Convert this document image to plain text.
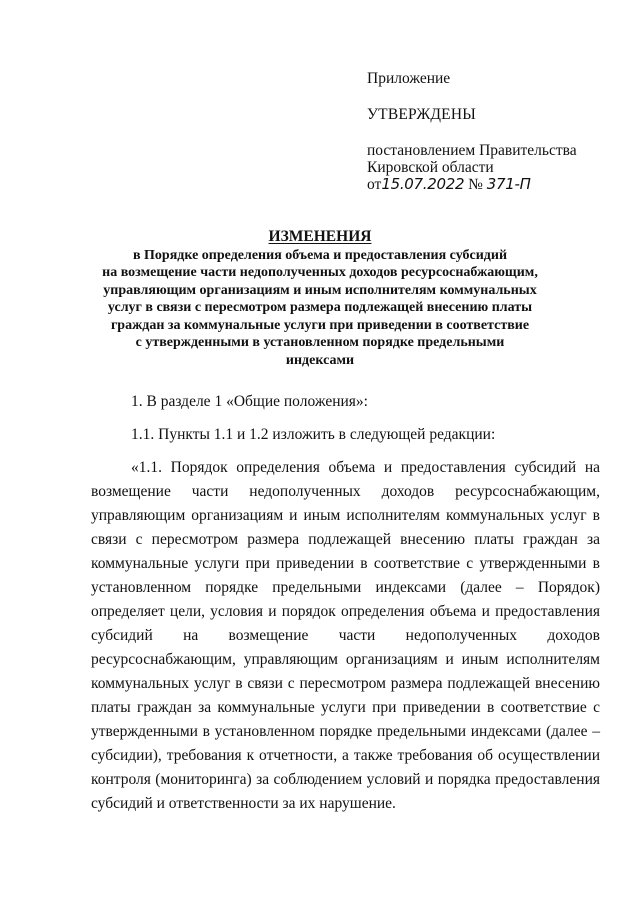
Приложение
УТВЕРЖДЕНЫ
постановлением Правительства
Кировской области
от15.07.2022 № 371-П
ИЗМЕНЕНИЯ
в Порядке определения объема и предоставления субсидий
на возмещение части недополученных доходов ресурсоснабжающим,
управляющим организациям и иным исполнителям коммунальных
услуг в связи с пересмотром размера подлежащей внесению платы
граждан за коммунальные услуги при приведении в соответствие
с утвержденными в установленном порядке предельными
индексами

1. В разделе 1 «Общие положения»:

1.1. Пункты 1.1 и 1.2 изложить в следующей редакции:

«1.1. Порядок определения объема и предоставления субсидий на возмещение части недополученных доходов ресурсоснабжающим, управляющим организациям и иным исполнителям коммунальных услуг в связи с пересмотром размера подлежащей внесению платы граждан за коммунальные услуги при приведении в соответствие с утвержденными в установленном порядке предельными индексами (далее – Порядок) определяет цели, условия и порядок определения объема и предоставления субсидий на возмещение части недополученных доходов ресурсоснабжающим, управляющим организациям и иным исполнителям коммунальных услуг в связи с пересмотром размера подлежащей внесению платы граждан за коммунальные услуги при приведении в соответствие с утвержденными в установленном порядке предельными индексами (далее – субсидии), требования к отчетности, а также требования об осуществлении контроля (мониторинга) за соблюдением условий и порядка предоставления субсидий и ответственности за их нарушение.
